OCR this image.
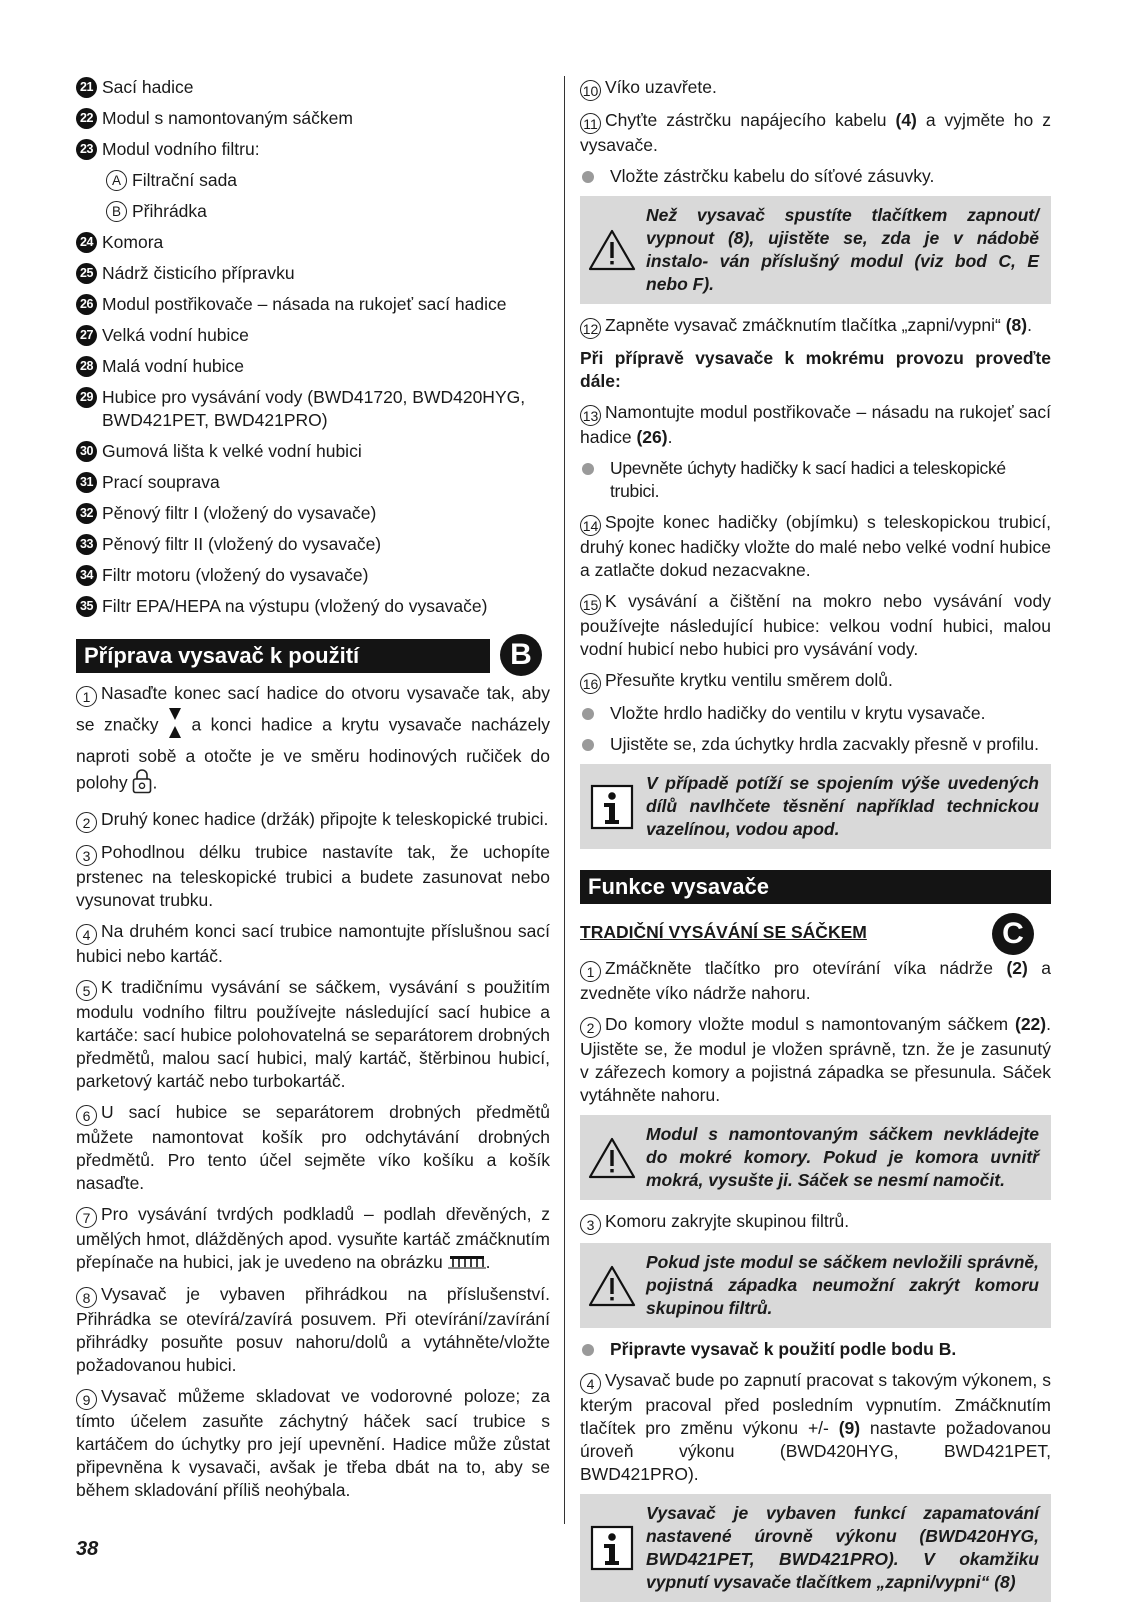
21 Sací hadice
22 Modul s namontovaným sáčkem
23 Modul vodního filtru:
A Filtrační sada
B Přihrádka
24 Komora
25 Nádrž čisticího přípravku
26 Modul postřikovače – násada na rukojeť sací hadice
27 Velká vodní hubice
28 Malá vodní hubice
29 Hubice pro vysávání vody (BWD41720, BWD420HYG, BWD421PET, BWD421PRO)
30 Gumová lišta k velké vodní hubici
31 Prací souprava
32 Pěnový filtr I (vložený do vysavače)
33 Pěnový filtr II (vložený do vysavače)
34 Filtr motoru (vložený do vysavače)
35 Filtr EPA/HEPA na výstupu (vložený do vysavače)
Příprava vysavač k použití	B
1 Nasaďte konec sací hadice do otvoru vysavače tak, aby se značky a konci hadice a krytu vysavače nacházely naproti sobě a otočte je ve směru hodinových ručiček do polohy .
2 Druhý konec hadice (držák) připojte k teleskopické trubici.
3 Pohodlnou délku trubice nastavíte tak, že uchopíte prstenec na teleskopické trubici a budete zasunovat nebo vysunovat trubku.
4 Na druhém konci sací trubice namontujte příslušnou sací hubici nebo kartáč.
5 K tradičnímu vysávání se sáčkem, vysávání s použitím modulu vodního filtru používejte následující sací hubice a kartáče: sací hubice polohovatelná se separátorem drobných předmětů, malou sací hubici, malý kartáč, štěrbinou hubicí, parketový kartáč nebo turbokartáč.
6 U sací hubice se separátorem drobných předmětů můžete namontovat košík pro odchytávání drobných předmětů. Pro tento účel sejměte víko košíku a košík nasaďte.
7 Pro vysávání tvrdých podkladů – podlah dřevěných, z umělých hmot, dlážděných apod. vysuňte kartáč zmáčknutím přepínače na hubici, jak je uvedeno na obrázku .
8 Vysavač je vybaven přihrádkou na příslušenství. Přihrádka se otevírá/zavírá posuvem. Při otevírání/zavírání přihrádky posuňte posuv nahoru/dolů a vytáhněte/vložte požadovanou hubici.
9 Vysavač můžeme skladovat ve vodorovné poloze; za tímto účelem zasuňte záchytný háček sací trubice s kartáčem do úchytky pro její upevnění. Hadice může zůstat připevněna k vysavači, avšak je třeba dbát na to, aby se během skladování příliš neohýbala.
10 Víko uzavřete.
11 Chyťte zástrčku napájecího kabelu (4) a vyjměte ho z vysavače.
Vložte zástrčku kabelu do síťové zásuvky.
Než vysavač spustíte tlačítkem zapnout/ vypnout (8), ujistěte se, zda je v nádobě instalo- ván příslušný modul (viz bod C, E nebo F).
12 Zapněte vysavač zmáčknutím tlačítka „zapni/vypni“ (8).
Při přípravě vysavače k mokrému provozu proveďte dále:
13 Namontujte modul postřikovače – násadu na rukojeť sací hadice (26).
Upevněte úchyty hadičky k sací hadici a teleskopické trubici.
14 Spojte konec hadičky (objímku) s teleskopickou trubicí, druhý konec hadičky vložte do malé nebo velké vodní hubice a zatlačte dokud nezacvakne.
15 K vysávání a čištění na mokro nebo vysávání vody používejte následující hubice: velkou vodní hubici, malou vodní hubicí nebo hubici pro vysávání vody.
16 Přesuňte krytku ventilu směrem dolů.
Vložte hrdlo hadičky do ventilu v krytu vysavače.
Ujistěte se, zda úchytky hrdla zacvakly přesně v profilu.
V případě potíží se spojením výše uvedených dílů navlhčete těsnění například technickou vazelínou, vodou apod.
Funkce vysavače
TRADIČNÍ VYSÁVÁNÍ SE SÁČKEM	C
1 Zmáčkněte tlačítko pro otevírání víka nádrže (2) a zvedněte víko nádrže nahoru.
2 Do komory vložte modul s namontovaným sáčkem (22). Ujistěte se, že modul je vložen správně, tzn. že je zasunutý v zářezech komory a pojistná západka se přesunula. Sáček vytáhněte nahoru.
Modul s namontovaným sáčkem nevkládejte do mokré komory. Pokud je komora uvnitř mokrá, vysušte ji. Sáček se nesmí namočit.
3 Komoru zakryjte skupinou filtrů.
Pokud jste modul se sáčkem nevložili správně, pojistná západka neumožní zakrýt komoru skupinou filtrů.
Připravte vysavač k použití podle bodu B.
4 Vysavač bude po zapnutí pracovat s takovým výkonem, s kterým pracoval před posledním vypnutím. Zmáčknutím tlačítek pro změnu výkonu +/- (9) nastavte požadovanou úroveň výkonu (BWD420HYG, BWD421PET, BWD421PRO).
Vysavač je vybaven funkcí zapamatování nastavené úrovně výkonu (BWD420HYG, BWD421PET, BWD421PRO). V okamžiku vypnutí vysavače tlačítkem „zapni/vypni“ (8)
38
